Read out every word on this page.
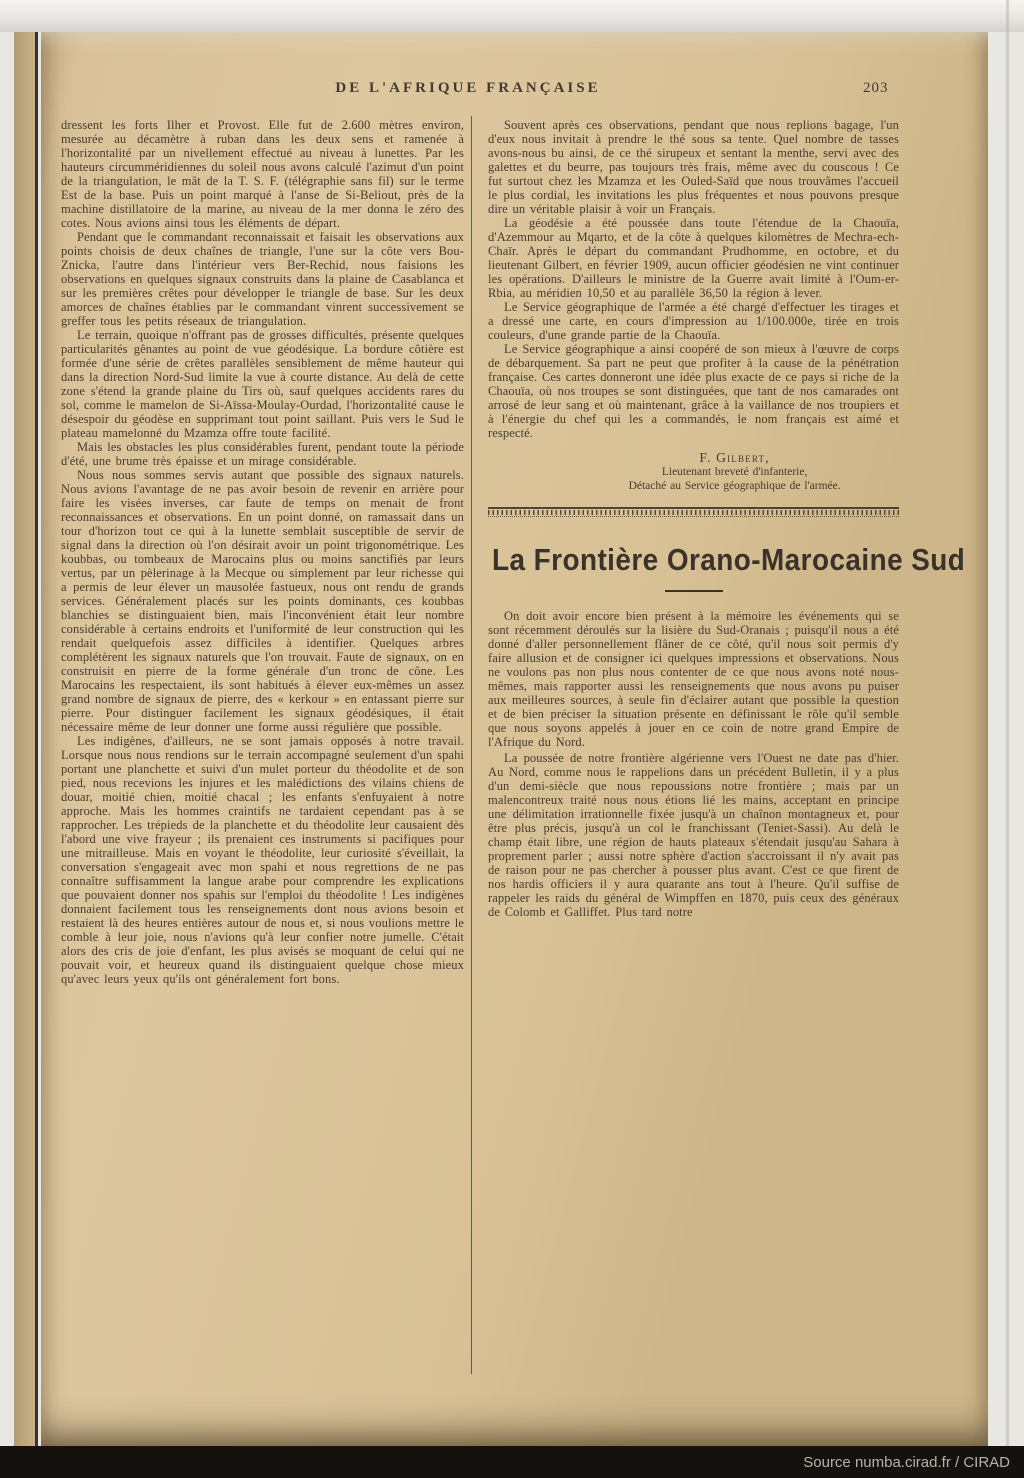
DE L'AFRIQUE FRANÇAISE	203

dressent les forts Ilher et Provost. Elle fut de 2.600 mètres environ, mesurée au décamètre à ruban dans les deux sens et ramenée à l'horizontalité par un nivellement effectué au niveau à lunettes. Par les hauteurs circumméridiennes du soleil nous avons calculé l'azimut d'un point de la triangulation, le mât de la T. S. F. (télégraphie sans fil) sur le terme Est de la base. Puis un point marqué à l'anse de Si-Beliout, près de la machine distillatoire de la marine, au niveau de la mer donna le zéro des cotes. Nous avions ainsi tous les éléments de départ.

Pendant que le commandant reconnaissait et faisait les observations aux points choisis de deux chaînes de triangle, l'une sur la côte vers Bou-Znicka, l'autre dans l'intérieur vers Ber-Rechid, nous faisions les observations en quelques signaux construits dans la plaine de Casablanca et sur les premières crêtes pour développer le triangle de base. Sur les deux amorces de chaînes établies par le commandant vinrent successivement se greffer tous les petits réseaux de triangulation.

Le terrain, quoique n'offrant pas de grosses difficultés, présente quelques particularités gênantes au point de vue géodésique. La bordure côtière est formée d'une série de crêtes parallèles sensiblement de même hauteur qui dans la direction Nord-Sud limite la vue à courte distance. Au delà de cette zone s'étend la grande plaine du Tirs où, sauf quelques accidents rares du sol, comme le mamelon de Si-Aïssa-Moulay-Ourdad, l'horizontalité cause le désespoir du géodèse en supprimant tout point saillant. Puis vers le Sud le plateau mamelonné du Mzamza offre toute facilité.

Mais les obstacles les plus considérables furent, pendant toute la période d'été, une brume très épaisse et un mirage considérable.

Nous nous sommes servis autant que possible des signaux naturels. Nous avions l'avantage de ne pas avoir besoin de revenir en arrière pour faire les visées inverses, car faute de temps on menait de front reconnaissances et observations. En un point donné, on ramassait dans un tour d'horizon tout ce qui à la lunette semblait susceptible de servir de signal dans la direction où l'on désirait avoir un point trigonométrique. Les koubbas, ou tombeaux de Marocains plus ou moins sanctifiés par leurs vertus, par un pèlerinage à la Mecque ou simplement par leur richesse qui a permis de leur élever un mausolée fastueux, nous ont rendu de grands services. Généralement placés sur les points dominants, ces koubbas blanchies se distinguaient bien, mais l'inconvénient était leur nombre considérable à certains endroits et l'uniformité de leur construction qui les rendait quelquefois assez difficiles à identifier. Quelques arbres complétèrent les signaux naturels que l'on trouvait. Faute de signaux, on en construisit en pierre de la forme générale d'un tronc de cône. Les Marocains les respectaient, ils sont habitués à élever eux-mêmes un assez grand nombre de signaux de pierre, des « kerkour » en entassant pierre sur pierre. Pour distinguer facilement les signaux géodésiques, il était nécessaire même de leur donner une forme aussi régulière que possible.

Les indigènes, d'ailleurs, ne se sont jamais opposés à notre travail. Lorsque nous nous rendions sur le terrain accompagné seulement d'un spahi portant une planchette et suivi d'un mulet porteur du théodolite et de son pied, nous recevions les injures et les malédictions des vilains chiens de douar, moitié chien, moitié chacal ; les enfants s'enfuyaient à notre approche. Mais les hommes craintifs ne tardaient cependant pas à se rapprocher. Les trépieds de la planchette et du théodolite leur causaient dès l'abord une vive frayeur ; ils prenaient ces instruments si pacifiques pour une mitrailleuse. Mais en voyant le théodolite, leur curiosité s'éveillait, la conversation s'engageait avec mon spahi et nous regrettions de ne pas connaître suffisamment la langue arabe pour comprendre les explications que pouvaient donner nos spahis sur l'emploi du théodolite ! Les indigènes donnaient facilement tous les renseignements dont nous avions besoin et restaient là des heures entières autour de nous et, si nous voulions mettre le comble à leur joie, nous n'avions qu'à leur confier notre jumelle. C'était alors des cris de joie d'enfant, les plus avisés se moquant de celui qui ne pouvait voir, et heureux quand ils distinguaient quelque chose mieux qu'avec leurs yeux qu'ils ont généralement fort bons.

Souvent après ces observations, pendant que nous replions bagage, l'un d'eux nous invitait à prendre le thé sous sa tente. Quel nombre de tasses avons-nous bu ainsi, de ce thé sirupeux et sentant la menthe, servi avec des galettes et du beurre, pas toujours très frais, même avec du couscous ! Ce fut surtout chez les Mzamza et les Ouled-Saïd que nous trouvâmes l'accueil le plus cordial, les invitations les plus fréquentes et nous pouvons presque dire un véritable plaisir à voir un Français.

La géodésie a été poussée dans toute l'étendue de la Chaouïa, d'Azemmour au Mqarto, et de la côte à quelques kilomètres de Mechra-ech-Chaïr. Après le départ du commandant Prudhomme, en octobre, et du lieutenant Gilbert, en février 1909, aucun officier géodésien ne vint continuer les opérations. D'ailleurs le ministre de la Guerre avait limité à l'Oum-er-Rbia, au méridien 10,50 et au parallèle 36,50 la région à lever.

Le Service géographique de l'armée a été chargé d'effectuer les tirages et a dressé une carte, en cours d'impression au 1/100.000e, tirée en trois couleurs, d'une grande partie de la Chaouïa.

Le Service géographique a ainsi coopéré de son mieux à l'œuvre de corps de débarquement. Sa part ne peut que profiter à la cause de la pénétration française. Ces cartes donneront une idée plus exacte de ce pays si riche de la Chaouïa, où nos troupes se sont distinguées, que tant de nos camarades ont arrosé de leur sang et où maintenant, grâce à la vaillance de nos troupiers et à l'énergie du chef qui les a commandés, le nom français est aimé et respecté.

F. Gilbert,
Lieutenant breveté d'infanterie,
Détaché au Service géographique de l'armée.
La Frontière Orano-Marocaine Sud

On doit avoir encore bien présent à la mémoire les événements qui se sont récemment déroulés sur la lisière du Sud-Oranais ; puisqu'il nous a été donné d'aller personnellement flâner de ce côté, qu'il nous soit permis d'y faire allusion et de consigner ici quelques impressions et observations. Nous ne voulons pas non plus nous contenter de ce que nous avons noté nous-mêmes, mais rapporter aussi les renseignements que nous avons pu puiser aux meilleures sources, à seule fin d'éclairer autant que possible la question et de bien préciser la situation présente en définissant le rôle qu'il semble que nous soyons appelés à jouer en ce coin de notre grand Empire de l'Afrique du Nord.

La poussée de notre frontière algérienne vers l'Ouest ne date pas d'hier. Au Nord, comme nous le rappelions dans un précédent Bulletin, il y a plus d'un demi-siècle que nous repoussions notre frontière ; mais par un malencontreux traité nous nous étions lié les mains, acceptant en principe une délimitation irrationnelle fixée jusqu'à un chaînon montagneux et, pour être plus précis, jusqu'à un col le franchissant (Teniet-Sassi). Au delà le champ était libre, une région de hauts plateaux s'étendait jusqu'au Sahara à proprement parler ; aussi notre sphère d'action s'accroissant il n'y avait pas de raison pour ne pas chercher à pousser plus avant. C'est ce que firent de nos hardis officiers il y aura quarante ans tout à l'heure. Qu'il suffise de rappeler les raids du général de Wimpffen en 1870, puis ceux des généraux de Colomb et Galliffet. Plus tard notre

Source numba.cirad.fr / CIRAD
